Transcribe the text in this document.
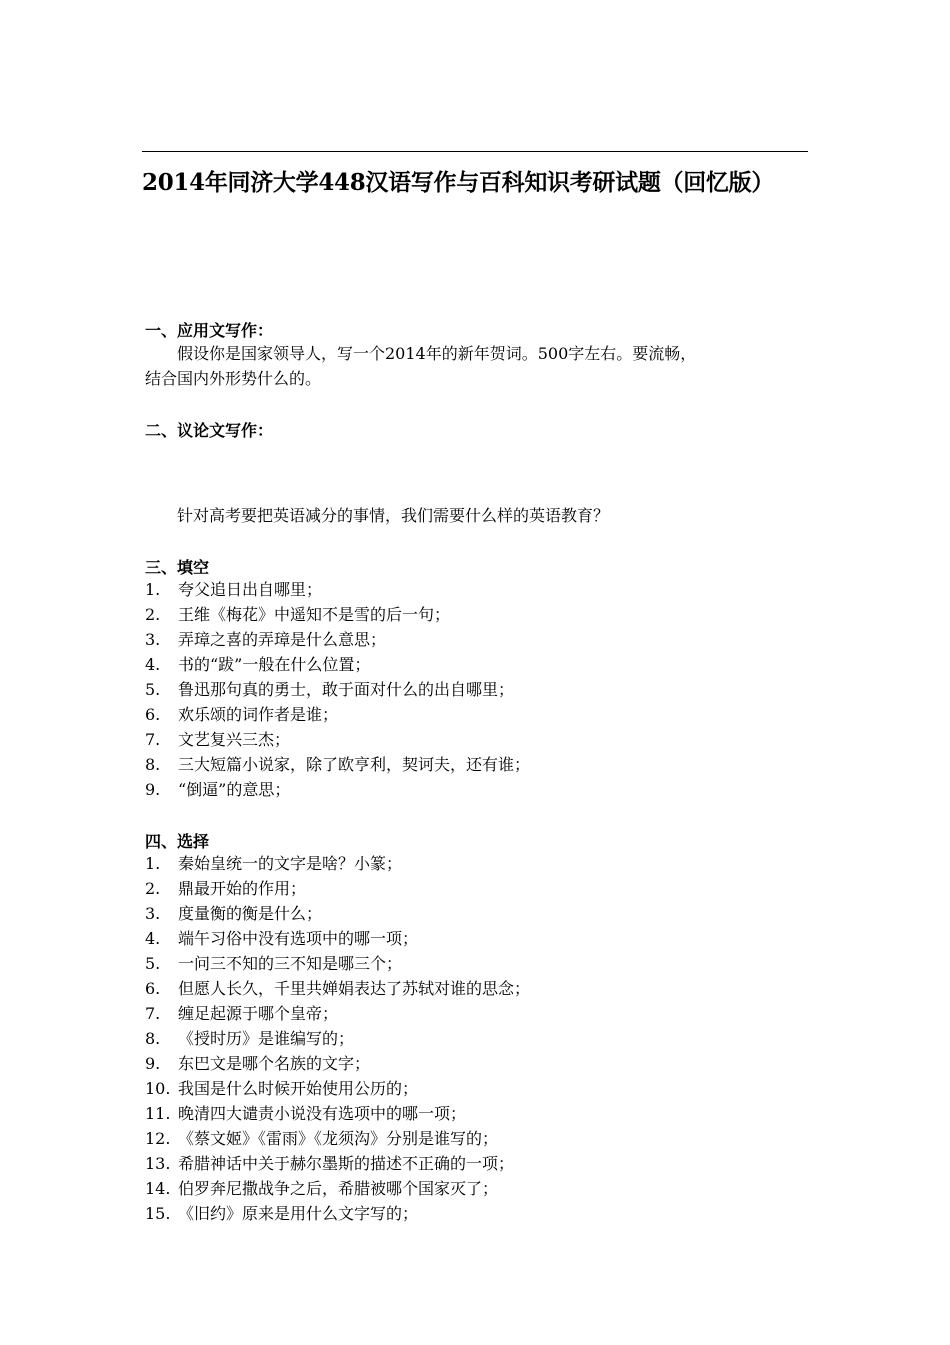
2014年同济大学448汉语写作与百科知识考研试题（回忆版）
一、应用文写作：
假设你是国家领导人，写一个2014年的新年贺词。500字左右。要流畅，
结合国内外形势什么的。
二、议论文写作：
针对高考要把英语减分的事情，我们需要什么样的英语教育？
三、填空
1. 夸父追日出自哪里；
2. 王维《梅花》中遥知不是雪的后一句；
3. 弄璋之喜的弄璋是什么意思；
4. 书的“跋”一般在什么位置；
5. 鲁迅那句真的勇士，敢于面对什么的出自哪里；
6. 欢乐颂的词作者是谁；
7. 文艺复兴三杰；
8. 三大短篇小说家，除了欧亨利，契诃夫，还有谁；
9. “倒逼”的意思；
四、选择
1. 秦始皇统一的文字是啥？小篆；
2. 鼎最开始的作用；
3. 度量衡的衡是什么；
4. 端午习俗中没有选项中的哪一项；
5. 一问三不知的三不知是哪三个；
6. 但愿人长久，千里共婵娟表达了苏轼对谁的思念；
7. 缠足起源于哪个皇帝；
8. 《授时历》是谁编写的；
9. 东巴文是哪个名族的文字；
10. 我国是什么时候开始使用公历的；
11. 晚清四大谴责小说没有选项中的哪一项；
12. 《蔡文姬》《雷雨》《龙须沟》分别是谁写的；
13. 希腊神话中关于赫尔墨斯的描述不正确的一项；
14. 伯罗奔尼撒战争之后，希腊被哪个国家灭了；
15. 《旧约》原来是用什么文字写的；
